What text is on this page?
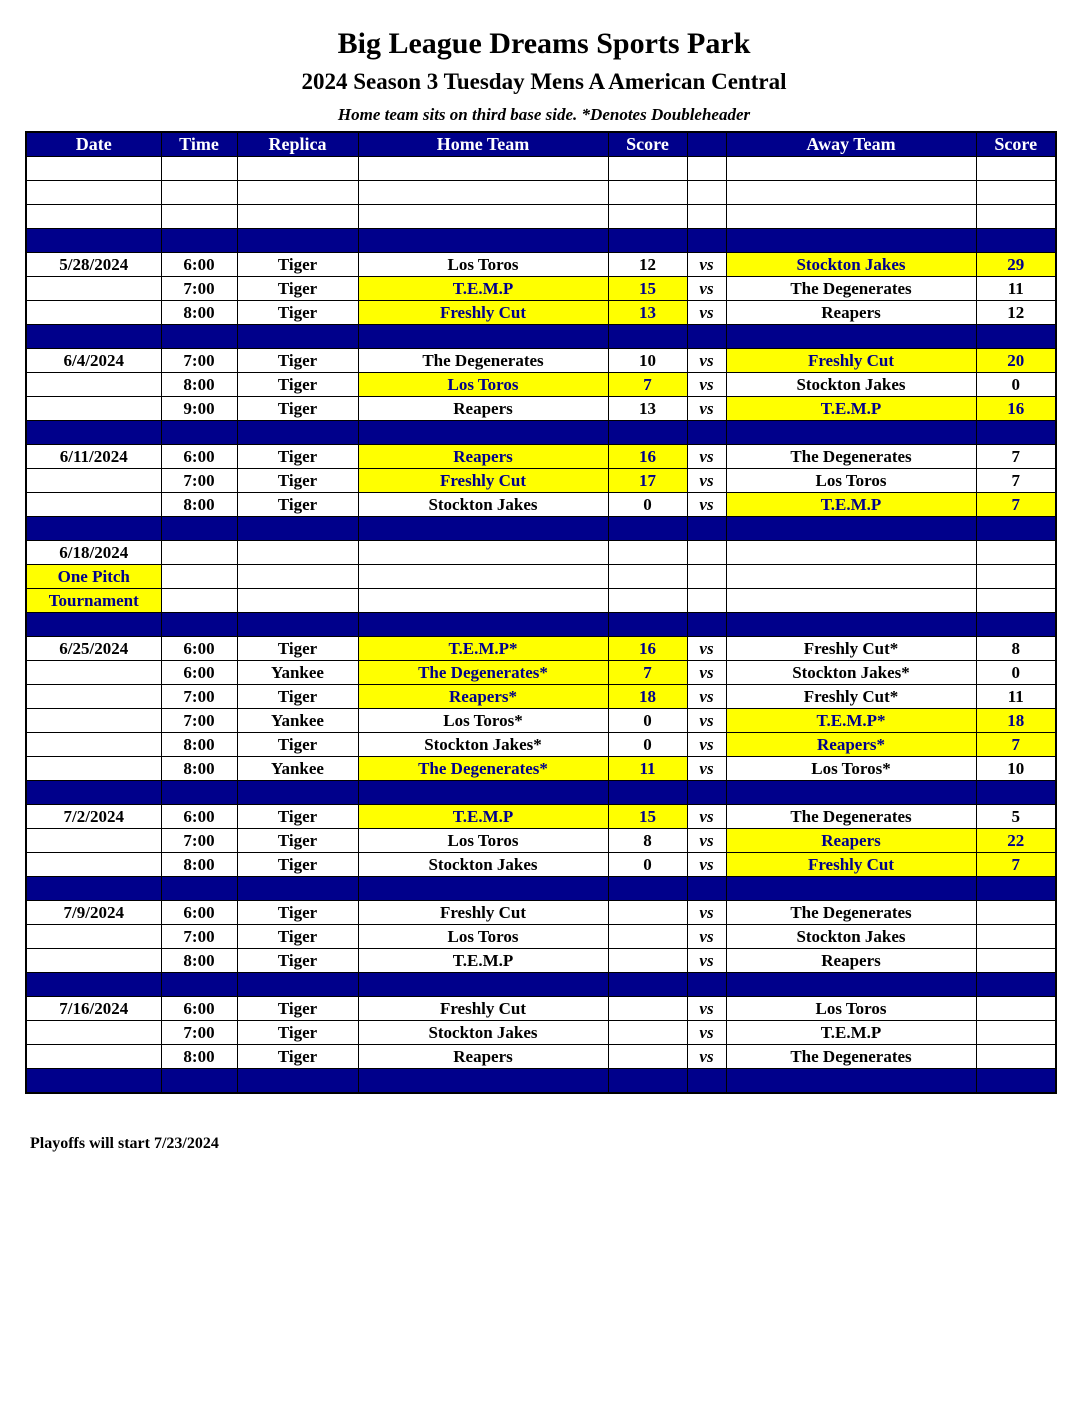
Big League Dreams Sports Park
2024 Season 3 Tuesday Mens A American Central
Home team sits on third base side. *Denotes Doubleheader
Date	Time	Replica	Home Team	Score		Away Team	Score

5/28/2024	6:00	Tiger	Los Toros	12	vs	Stockton Jakes	29
	7:00	Tiger	T.E.M.P	15	vs	The Degenerates	11
	8:00	Tiger	Freshly Cut	13	vs	Reapers	12

6/4/2024	7:00	Tiger	The Degenerates	10	vs	Freshly Cut	20
	8:00	Tiger	Los Toros	7	vs	Stockton Jakes	0
	9:00	Tiger	Reapers	13	vs	T.E.M.P	16

6/11/2024	6:00	Tiger	Reapers	16	vs	The Degenerates	7
	7:00	Tiger	Freshly Cut	17	vs	Los Toros	7
	8:00	Tiger	Stockton Jakes	0	vs	T.E.M.P	7

6/18/2024							
One Pitch							
Tournament							

6/25/2024	6:00	Tiger	T.E.M.P*	16	vs	Freshly Cut*	8
	6:00	Yankee	The Degenerates*	7	vs	Stockton Jakes*	0
	7:00	Tiger	Reapers*	18	vs	Freshly Cut*	11
	7:00	Yankee	Los Toros*	0	vs	T.E.M.P*	18
	8:00	Tiger	Stockton Jakes*	0	vs	Reapers*	7
	8:00	Yankee	The Degenerates*	11	vs	Los Toros*	10

7/2/2024	6:00	Tiger	T.E.M.P	15	vs	The Degenerates	5
	7:00	Tiger	Los Toros	8	vs	Reapers	22
	8:00	Tiger	Stockton Jakes	0	vs	Freshly Cut	7

7/9/2024	6:00	Tiger	Freshly Cut		vs	The Degenerates	
	7:00	Tiger	Los Toros		vs	Stockton Jakes	
	8:00	Tiger	T.E.M.P		vs	Reapers	

7/16/2024	6:00	Tiger	Freshly Cut		vs	Los Toros	
	7:00	Tiger	Stockton Jakes		vs	T.E.M.P	
	8:00	Tiger	Reapers		vs	The Degenerates	

Playoffs will start 7/23/2024
